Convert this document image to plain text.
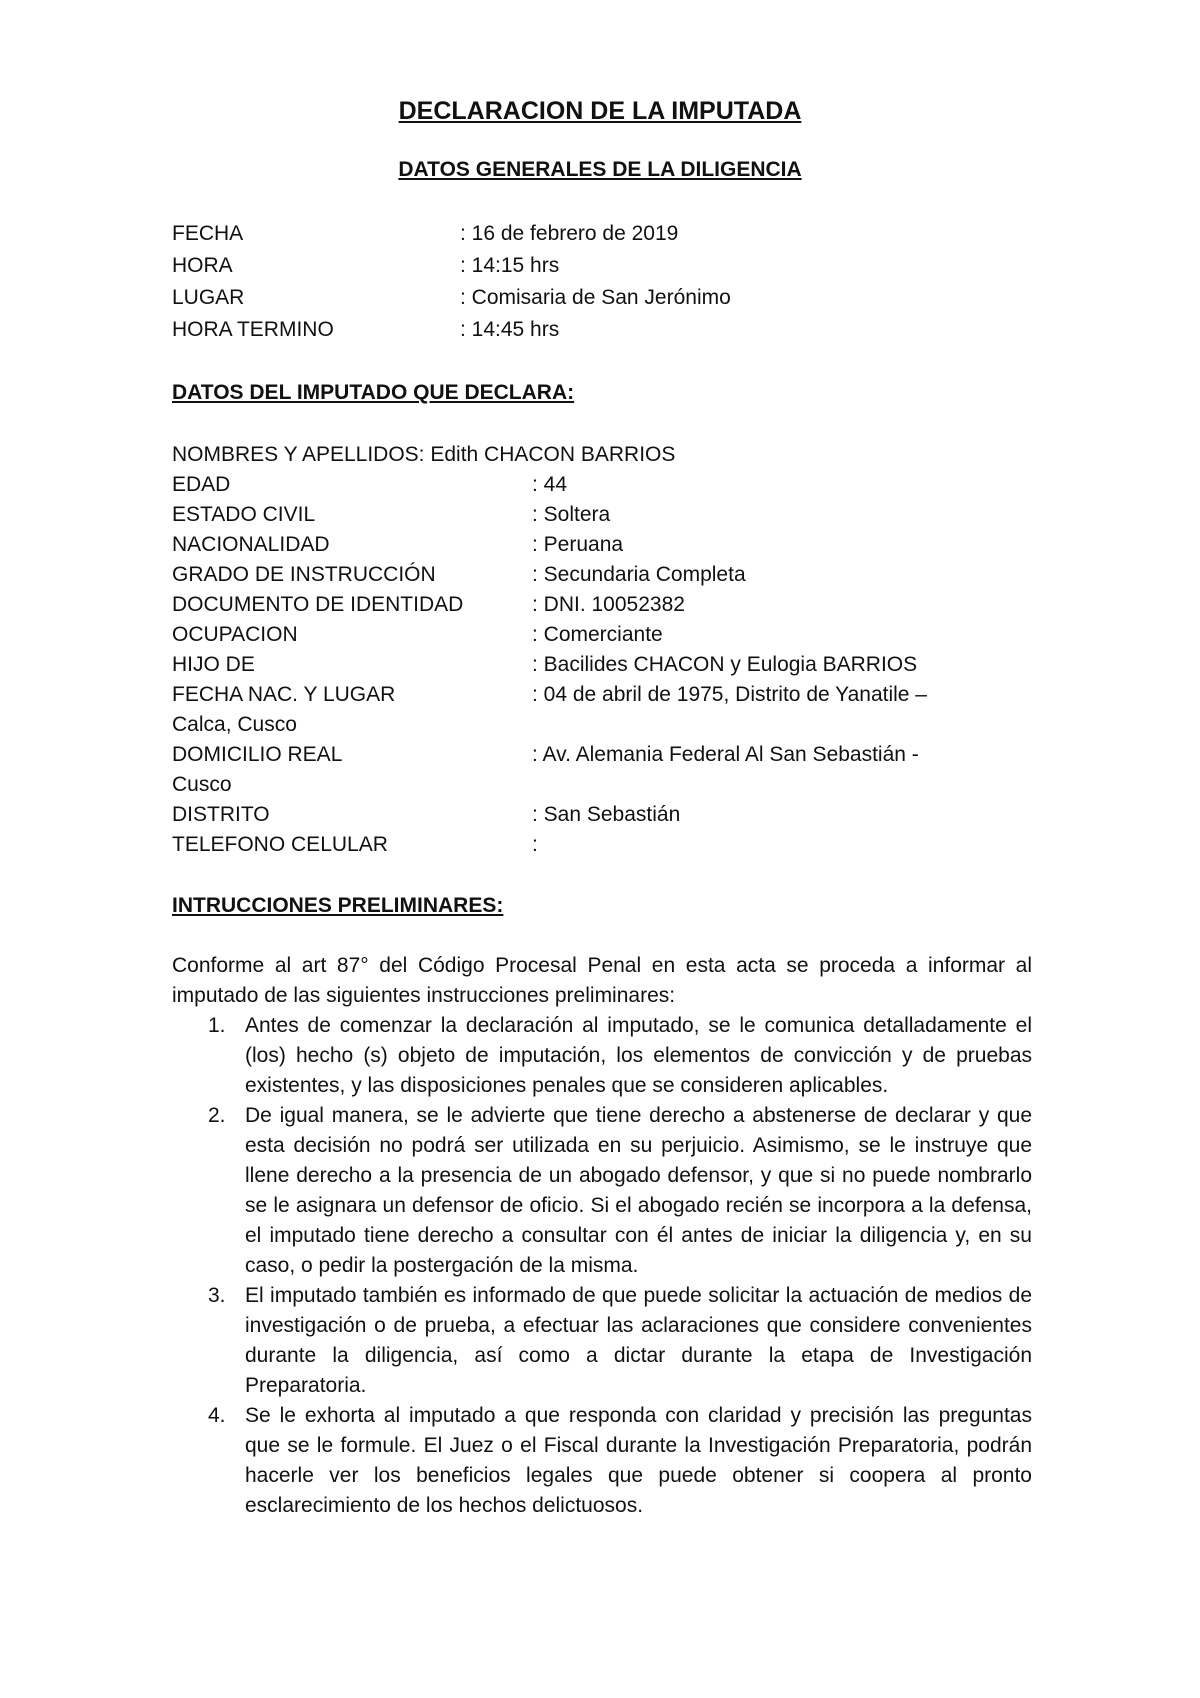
DECLARACION DE LA IMPUTADA
DATOS GENERALES DE LA DILIGENCIA
FECHA	: 16 de febrero de 2019
HORA	: 14:15 hrs
LUGAR	: Comisaria de San Jerónimo
HORA TERMINO	: 14:45 hrs
DATOS DEL IMPUTADO QUE DECLARA:
NOMBRES Y APELLIDOS: Edith CHACON BARRIOS
EDAD	: 44
ESTADO CIVIL	: Soltera
NACIONALIDAD	: Peruana
GRADO DE INSTRUCCIÓN	: Secundaria Completa
DOCUMENTO DE IDENTIDAD	: DNI. 10052382
OCUPACION	: Comerciante
HIJO DE	: Bacilides CHACON y Eulogia BARRIOS
FECHA NAC. Y LUGAR	: 04 de abril de 1975, Distrito de Yanatile –
Calca, Cusco
DOMICILIO REAL	: Av. Alemania Federal Al San Sebastián -
Cusco
DISTRITO	: San Sebastián
TELEFONO CELULAR	:
INTRUCCIONES PRELIMINARES:
Conforme al art 87° del Código Procesal Penal en esta acta se proceda a informar al imputado de las siguientes instrucciones preliminares:
1. Antes de comenzar la declaración al imputado, se le comunica detalladamente el (los) hecho (s) objeto de imputación, los elementos de convicción y de pruebas existentes, y las disposiciones penales que se consideren aplicables.
2. De igual manera, se le advierte que tiene derecho a abstenerse de declarar y que esta decisión no podrá ser utilizada en su perjuicio. Asimismo, se le instruye que llene derecho a la presencia de un abogado defensor, y que si no puede nombrarlo se le asignara un defensor de oficio. Si el abogado recién se incorpora a la defensa, el imputado tiene derecho a consultar con él antes de iniciar la diligencia y, en su caso, o pedir la postergación de la misma.
3. El imputado también es informado de que puede solicitar la actuación de medios de investigación o de prueba, a efectuar las aclaraciones que considere convenientes durante la diligencia, así como a dictar durante la etapa de Investigación Preparatoria.
4. Se le exhorta al imputado a que responda con claridad y precisión las preguntas que se le formule. El Juez o el Fiscal durante la Investigación Preparatoria, podrán hacerle ver los beneficios legales que puede obtener si coopera al pronto esclarecimiento de los hechos delictuosos.
